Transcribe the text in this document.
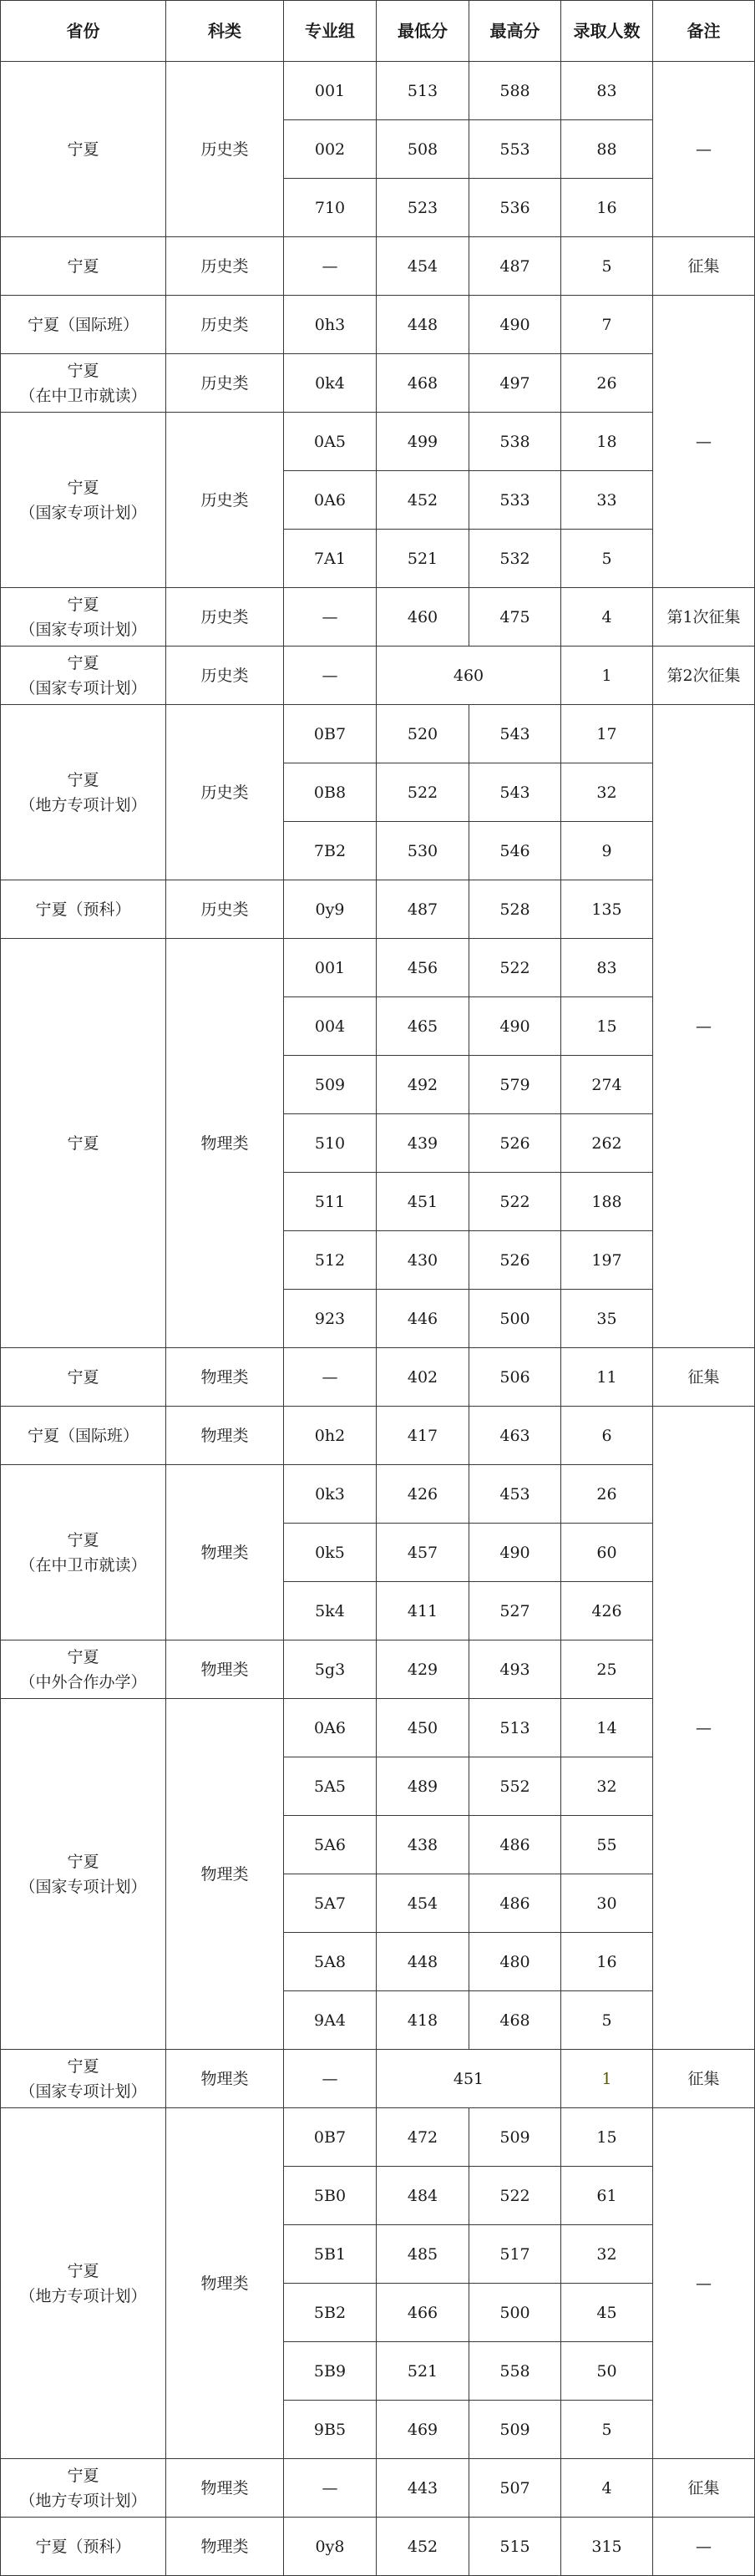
省份	科类	专业组	最低分	最高分	录取人数	备注
宁夏	历史类	001	513	588	83	—
		002	508	553	88	
		710	523	536	16	
宁夏	历史类	—	454	487	5	征集
宁夏（国际班）	历史类	0h3	448	490	7	—

宁夏
（在中卫市就读）	历史类	0k4	468	497	26	

宁夏
（国家专项计划）	历史类	0A5	499	538	18	
		0A6	452	533	33	
		7A1	521	532	5	

宁夏
（国家专项计划）	历史类	—	460	475	4	第1次征集

宁夏
（国家专项计划）	历史类	—	460		1	第2次征集

宁夏
（地方专项计划）	历史类	0B7	520	543	17	—
		0B8	522	543	32	
		7B2	530	546	9	
宁夏（预科）	历史类	0y9	487	528	135	
宁夏	物理类	001	456	522	83	
		004	465	490	15	
		509	492	579	274	
		510	439	526	262	
		511	451	522	188	
		512	430	526	197	
		923	446	500	35	
宁夏	物理类	—	402	506	11	征集
宁夏（国际班）	物理类	0h2	417	463	6	—

宁夏
（在中卫市就读）	物理类	0k3	426	453	26	
		0k5	457	490	60	
		5k4	411	527	426	

宁夏
（中外合作办学）	物理类	5g3	429	493	25	

宁夏
（国家专项计划）	物理类	0A6	450	513	14	
		5A5	489	552	32	
		5A6	438	486	55	
		5A7	454	486	30	
		5A8	448	480	16	
		9A4	418	468	5	

宁夏
（国家专项计划）	物理类	—	451		1	征集

宁夏
（地方专项计划）	物理类	0B7	472	509	15	—
		5B0	484	522	61	
		5B1	485	517	32	
		5B2	466	500	45	
		5B9	521	558	50	
		9B5	469	509	5	

宁夏
（地方专项计划）	物理类	—	443	507	4	征集
宁夏（预科）	物理类	0y8	452	515	315	—
